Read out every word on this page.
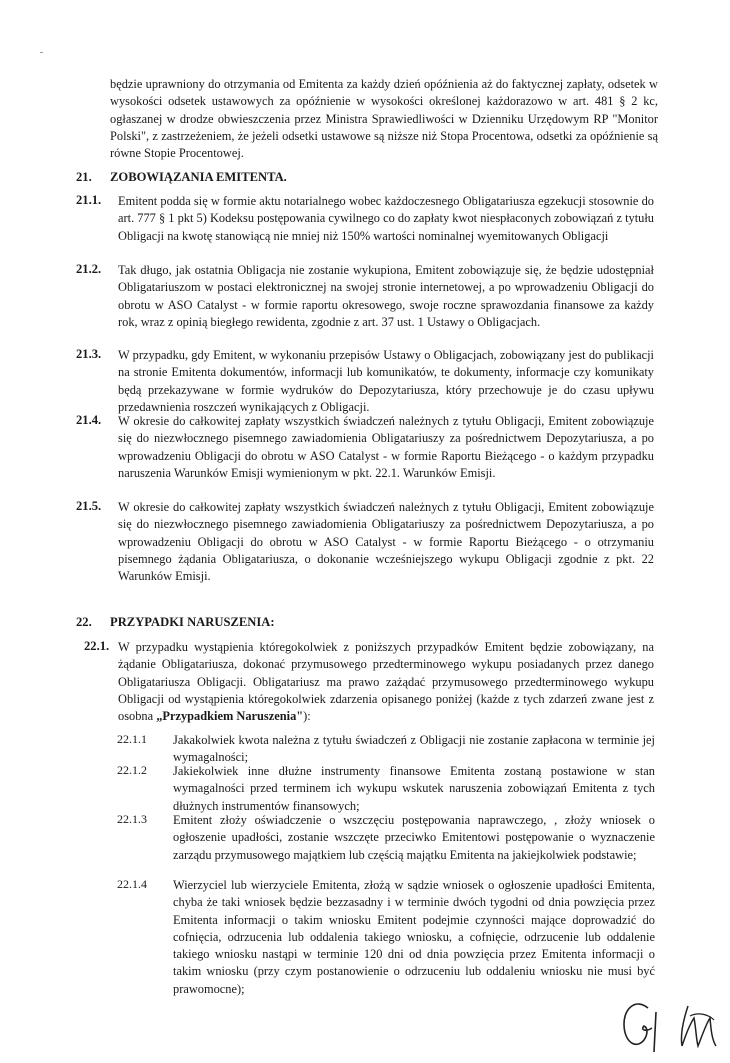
będzie uprawniony do otrzymania od Emitenta za każdy dzień opóźnienia aż do faktycznej zapłaty, odsetek w wysokości odsetek ustawowych za opóźnienie w wysokości określonej każdorazowo w art. 481 § 2 kc, ogłaszanej w drodze obwieszczenia przez Ministra Sprawiedliwości w Dzienniku Urzędowym RP "Monitor Polski", z zastrzeżeniem, że jeżeli odsetki ustawowe są niższe niż Stopa Procentowa, odsetki za opóźnienie są równe Stopie Procentowej.
21. ZOBOWIĄZANIA EMITENTA.
21.1. Emitent podda się w formie aktu notarialnego wobec każdoczesnego Obligatariusza egzekucji stosownie do art. 777 § 1 pkt 5) Kodeksu postępowania cywilnego co do zapłaty kwot niespłaconych zobowiązań z tytułu Obligacji na kwotę stanowiącą nie mniej niż 150% wartości nominalnej wyemitowanych Obligacji
21.2. Tak długo, jak ostatnia Obligacja nie zostanie wykupiona, Emitent zobowiązuje się, że będzie udostępniał Obligatariuszom w postaci elektronicznej na swojej stronie internetowej, a po wprowadzeniu Obligacji do obrotu w ASO Catalyst - w formie raportu okresowego, swoje roczne sprawozdania finansowe za każdy rok, wraz z opinią biegłego rewidenta, zgodnie z art. 37 ust. 1 Ustawy o Obligacjach.
21.3. W przypadku, gdy Emitent, w wykonaniu przepisów Ustawy o Obligacjach, zobowiązany jest do publikacji na stronie Emitenta dokumentów, informacji lub komunikatów, te dokumenty, informacje czy komunikaty będą przekazywane w formie wydruków do Depozytariusza, który przechowuje je do czasu upływu przedawnienia roszczeń wynikających z Obligacji.
21.4. W okresie do całkowitej zapłaty wszystkich świadczeń należnych z tytułu Obligacji, Emitent zobowiązuje się do niezwłocznego pisemnego zawiadomienia Obligatariuszy za pośrednictwem Depozytariusza, a po wprowadzeniu Obligacji do obrotu w ASO Catalyst - w formie Raportu Bieżącego - o każdym przypadku naruszenia Warunków Emisji wymienionym w pkt. 22.1. Warunków Emisji.
21.5. W okresie do całkowitej zapłaty wszystkich świadczeń należnych z tytułu Obligacji, Emitent zobowiązuje się do niezwłocznego pisemnego zawiadomienia Obligatariuszy za pośrednictwem Depozytariusza, a po wprowadzeniu Obligacji do obrotu w ASO Catalyst - w formie Raportu Bieżącego - o otrzymaniu pisemnego żądania Obligatariusza, o dokonanie wcześniejszego wykupu Obligacji zgodnie z pkt. 22 Warunków Emisji.
22. PRZYPADKI NARUSZENIA:
22.1. W przypadku wystąpienia któregokolwiek z poniższych przypadków Emitent będzie zobowiązany, na żądanie Obligatariusza, dokonać przymusowego przedterminowego wykupu posiadanych przez danego Obligatariusza Obligacji. Obligatariusz ma prawo zażądać przymusowego przedterminowego wykupu Obligacji od wystąpienia któregokolwiek zdarzenia opisanego poniżej (każde z tych zdarzeń zwane jest z osobna „Przypadkiem Naruszenia"):
22.1.1 Jakakolwiek kwota należna z tytułu świadczeń z Obligacji nie zostanie zapłacona w terminie jej wymagalności;
22.1.2 Jakiekolwiek inne dłużne instrumenty finansowe Emitenta zostaną postawione w stan wymagalności przed terminem ich wykupu wskutek naruszenia zobowiązań Emitenta z tych dłużnych instrumentów finansowych;
22.1.3 Emitent złoży oświadczenie o wszczęciu postępowania naprawczego, , złoży wniosek o ogłoszenie upadłości, zostanie wszczęte przeciwko Emitentowi postępowanie o wyznaczenie zarządu przymusowego majątkiem lub częścią majątku Emitenta na jakiejkolwiek podstawie;
22.1.4 Wierzyciel lub wierzyciele Emitenta, złożą w sądzie wniosek o ogłoszenie upadłości Emitenta, chyba że taki wniosek będzie bezzasadny i w terminie dwóch tygodni od dnia powzięcia przez Emitenta informacji o takim wniosku Emitent podejmie czynności mające doprowadzić do cofnięcia, odrzucenia lub oddalenia takiego wniosku, a cofnięcie, odrzucenie lub oddalenie takiego wniosku nastąpi w terminie 120 dni od dnia powzięcia przez Emitenta informacji o takim wniosku (przy czym postanowienie o odrzuceniu lub oddaleniu wniosku nie musi być prawomocne);
